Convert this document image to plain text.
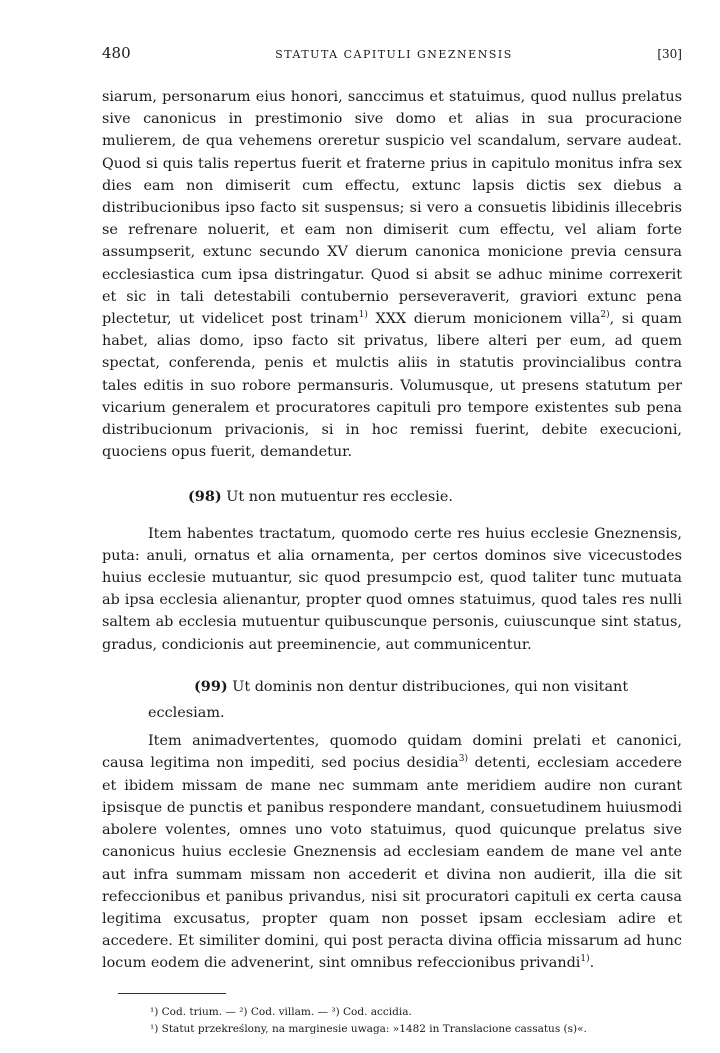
480	STATUTA CAPITULI GNEZNENSIS	[30]

siarum, personarum eius honori, sanccimus et statuimus, quod nullus prelatus sive canonicus in prestimonio sive domo et alias in sua procuracione mulierem, de qua vehemens oreretur suspicio vel scandalum, servare audeat. Quod si quis talis repertus fuerit et fraterne prius in capitulo monitus infra sex dies eam non dimiserit cum effectu, extunc lapsis dictis sex diebus a distribucionibus ipso facto sit suspensus; si vero a consuetis libidinis illecebris se refrenare noluerit, et eam non dimiserit cum effectu, vel aliam forte assumpserit, extunc secundo XV dierum canonica monicione previa censura ecclesiastica cum ipsa distringatur. Quod si absit se adhuc minime correxerit et sic in tali detestabili contubernio perseveraverit, graviori extunc pena plectetur, ut videlicet post trinam$^{1)}$ XXX dierum monicionem villa$^{2)}$, si quam habet, alias domo, ipso facto sit privatus, libere alteri per eum, ad quem spectat, conferenda, penis et mulctis aliis in statutis provincialibus contra tales editis in suo robore permansuris. Volumusque, ut presens statutum per vicarium generalem et procuratores capituli pro tempore existentes sub pena distribucionum privacionis, si in hoc remissi fuerint, debite execucioni, quociens opus fuerit, demandetur.

(98) Ut non mutuentur res ecclesie.

Item habentes tractatum, quomodo certe res huius ecclesie Gneznensis, puta: anuli, ornatus et alia ornamenta, per certos dominos sive vicecustodes huius ecclesie mutuantur, sic quod presumpcio est, quod taliter tunc mutuata ab ipsa ecclesia alienantur, propter quod omnes statuimus, quod tales res nulli saltem ab ecclesia mutuentur quibuscunque personis, cuiuscunque sint status, gradus, condicionis aut preeminencie, aut communicentur.

(99) Ut dominis non dentur distribuciones, qui non visitant

ecclesiam.

Item animadvertentes, quomodo quidam domini prelati et canonici, causa legitima non impediti, sed pocius desidia$^{3)}$ detenti, ecclesiam accedere et ibidem missam de mane nec summam ante meridiem audire non curant ipsisque de punctis et panibus respondere mandant, consuetudinem huiusmodi abolere volentes, omnes uno voto statuimus, quod quicunque prelatus sive canonicus huius ecclesie Gneznensis ad ecclesiam eandem de mane vel ante aut infra summam missam non accederit et divina non audierit, illa die sit refeccionibus et panibus privandus, nisi sit procuratori capituli ex certa causa legitima excusatus, propter quam non posset ipsam ecclesiam adire et accedere. Et similiter domini, qui post peracta divina officia missarum ad hunc locum eodem die advenerint, sint omnibus refeccionibus privandi$^{1)}$.

¹) Cod. trium. — ²) Cod. villam. — ³) Cod. accidia.

¹) Statut przekreślony, na marginesie uwaga: »1482 in Translacione cassatus (s)«.
